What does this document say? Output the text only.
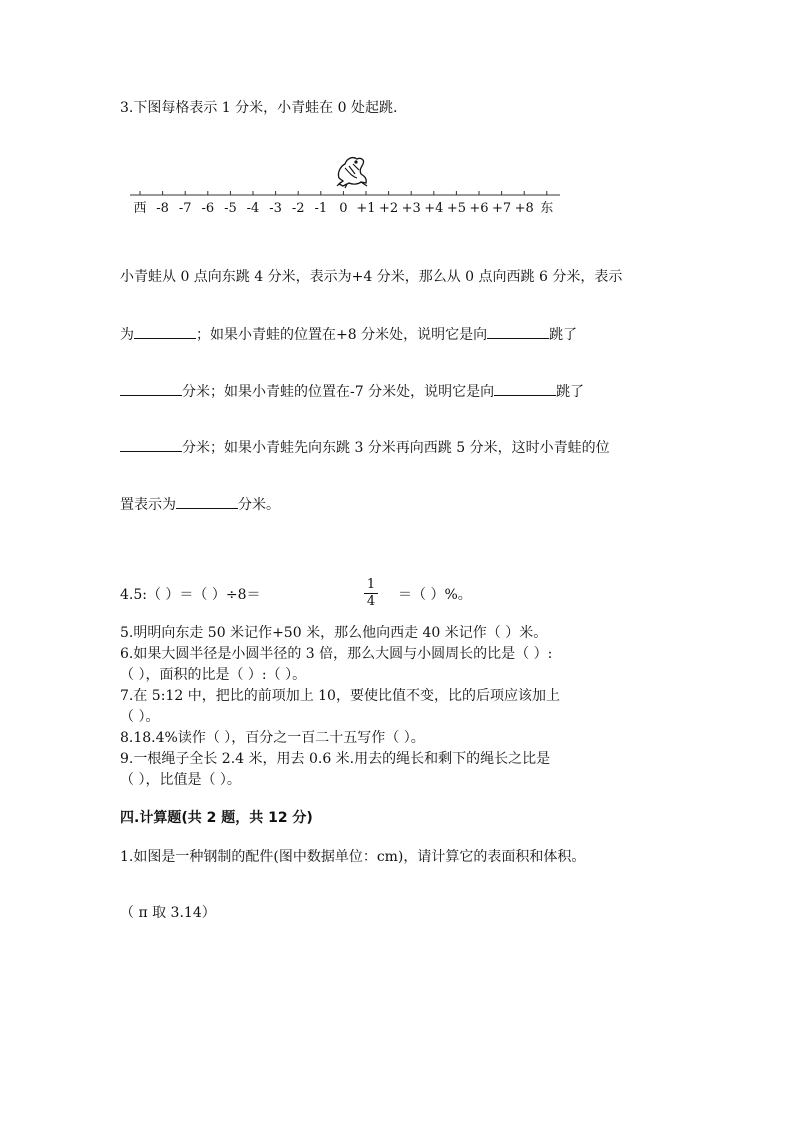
3.下图每格表示 1 分米，小青蛙在 0 处起跳.
西 -8 -7 -6 -5 -4 -3 -2 -1 0 +1 +2 +3 +4 +5 +6 +7 +8 东
小青蛙从 0 点向东跳 4 分米，表示为+4 分米，那么从 0 点向西跳 6 分米，表示
为	；如果小青蛙的位置在+8 分米处，说明它是向	跳了
分米；如果小青蛙的位置在-7 分米处，说明它是向	跳了
分米；如果小青蛙先向东跳 3 分米再向西跳 5 分米，这时小青蛙的位
置表示为	分米。
4.5:（ ）＝（ ）÷8＝
1
4 ＝（ ）%。
5.明明向东走 50 米记作+50 米，那么他向西走 40 米记作（ ）米。
6.如果大圆半径是小圆半径的 3 倍，那么大圆与小圆周长的比是（ ）:
（ ），面积的比是（ ）:（ ）。
7.在 5:12 中，把比的前项加上 10，要使比值不变，比的后项应该加上
（ ）。
8.18.4%读作（ ），百分之一百二十五写作（ ）。
9.一根绳子全长 2.4 米，用去 0.6 米.用去的绳长和剩下的绳长之比是
（ ），比值是（ ）。
四.计算题(共 2 题，共 12 分)
1.如图是一种钢制的配件(图中数据单位：cm)，请计算它的表面积和体积。
（ π 取 3.14）
